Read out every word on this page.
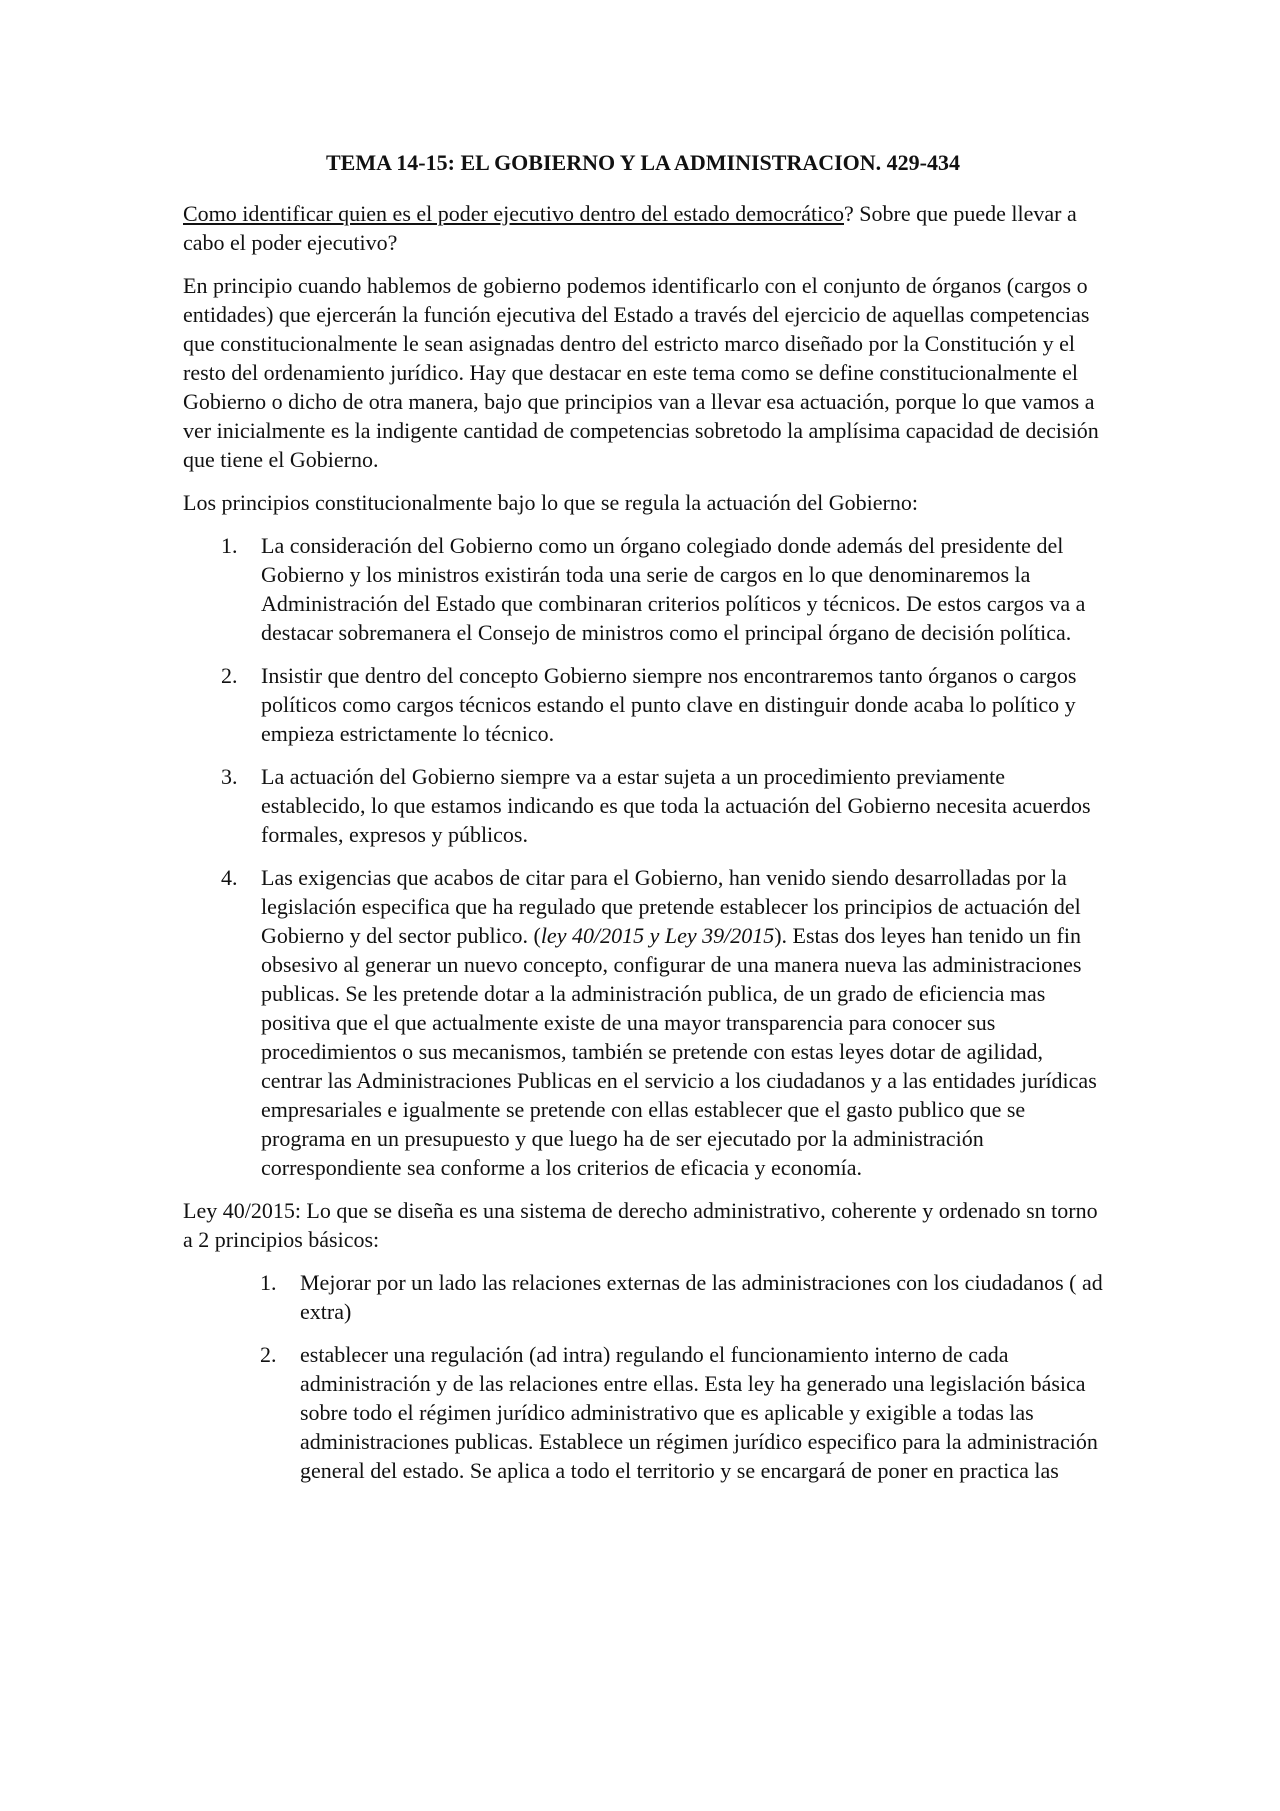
TEMA 14-15: EL GOBIERNO Y LA ADMINISTRACION. 429-434

Como identificar quien es el poder ejecutivo dentro del estado democrático? Sobre que puede llevar a cabo el poder ejecutivo?

En principio cuando hablemos de gobierno podemos identificarlo con el conjunto de órganos (cargos o entidades) que ejercerán la función ejecutiva del Estado a través del ejercicio de aquellas competencias que constitucionalmente le sean asignadas dentro del estricto marco diseñado por la Constitución y el resto del ordenamiento jurídico. Hay que destacar en este tema como se define constitucionalmente el Gobierno o dicho de otra manera, bajo que principios van a llevar esa actuación, porque lo que vamos a ver inicialmente es la indigente cantidad de competencias sobretodo la amplísima capacidad de decisión que tiene el Gobierno.

Los principios constitucionalmente bajo lo que se regula la actuación del Gobierno:

1. La consideración del Gobierno como un órgano colegiado donde además del presidente del Gobierno y los ministros existirán toda una serie de cargos en lo que denominaremos la Administración del Estado que combinaran criterios políticos y técnicos. De estos cargos va a destacar sobremanera el Consejo de ministros como el principal órgano de decisión política.
2. Insistir que dentro del concepto Gobierno siempre nos encontraremos tanto órganos o cargos políticos como cargos técnicos estando el punto clave en distinguir donde acaba lo político y empieza estrictamente lo técnico.
3. La actuación del Gobierno siempre va a estar sujeta a un procedimiento previamente establecido, lo que estamos indicando es que toda la actuación del Gobierno necesita acuerdos formales, expresos y públicos.
4. Las exigencias que acabos de citar para el Gobierno, han venido siendo desarrolladas por la legislación especifica que ha regulado que pretende establecer los principios de actuación del Gobierno y del sector publico. (ley 40/2015 y Ley 39/2015). Estas dos leyes han tenido un fin obsesivo al generar un nuevo concepto, configurar de una manera nueva las administraciones publicas. Se les pretende dotar a la administración publica, de un grado de eficiencia mas positiva que el que actualmente existe de una mayor transparencia para conocer sus procedimientos o sus mecanismos, también se pretende con estas leyes dotar de agilidad, centrar las Administraciones Publicas en el servicio a los ciudadanos y a las entidades jurídicas empresariales e igualmente se pretende con ellas establecer que el gasto publico que se programa en un presupuesto y que luego ha de ser ejecutado por la administración correspondiente sea conforme a los criterios de eficacia y economía.

Ley 40/2015: Lo que se diseña es una sistema de derecho administrativo, coherente y ordenado sn torno a 2 principios básicos:

1. Mejorar por un lado las relaciones externas de las administraciones con los ciudadanos ( ad extra)
2. establecer una regulación (ad intra) regulando el funcionamiento interno de cada administración y de las relaciones entre ellas. Esta ley ha generado una legislación básica sobre todo el régimen jurídico administrativo que es aplicable y exigible a todas las administraciones publicas. Establece un régimen jurídico especifico para la administración general del estado. Se aplica a todo el territorio y se encargará de poner en practica las
